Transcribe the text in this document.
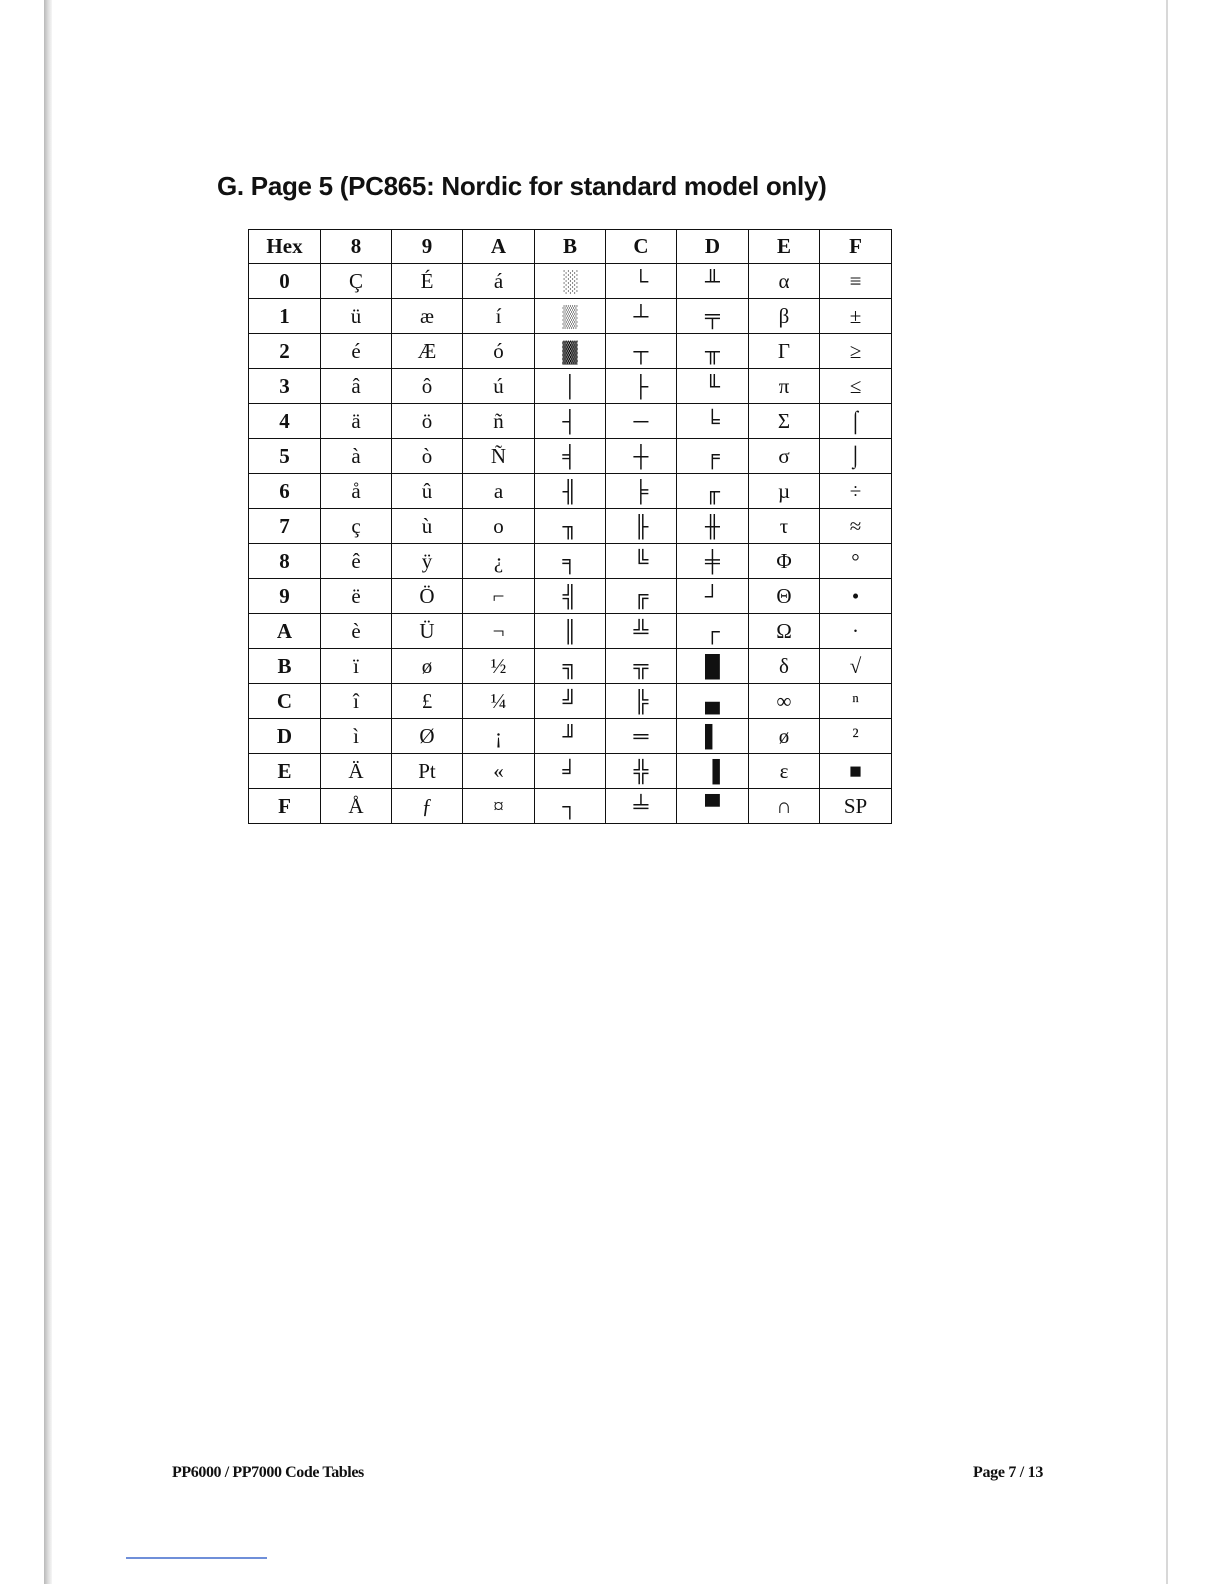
G. Page 5 (PC865: Nordic for standard model only)
Hex	8	9	A	B	C	D	E	F
0	Ç	É	á	░	└	╨	α	≡
1	ü	æ	í	▒	┴	╤	β	±
2	é	Æ	ó	▓	┬	╥	Γ	≥
3	â	ô	ú	│	├	╙	π	≤
4	ä	ö	ñ	┤	─	╘	Σ	⌠
5	à	ò	Ñ	╡	┼	╒	σ	⌡
6	å	û	a	╢	╞	╓	µ	÷
7	ç	ù	o	╖	╟	╫	τ	≈
8	ê	ÿ	¿	╕	╚	╪	Φ	°
9	ë	Ö	⌐	╣	╔	┘	Θ	•
A	è	Ü	¬	║	╩	┌	Ω	·
B	ï	ø	½	╗	╦	█	δ	√
C	î	£	¼	╝	╠	▄	∞	ⁿ
D	ì	Ø	¡	╜	═	▌	ø	²
E	Ä	Pt	«	╛	╬	▐	ε	■
F	Å	ƒ	¤	┐	╧	▀	∩	SP
PP6000 / PP7000 Code Tables	Page 7 / 13
